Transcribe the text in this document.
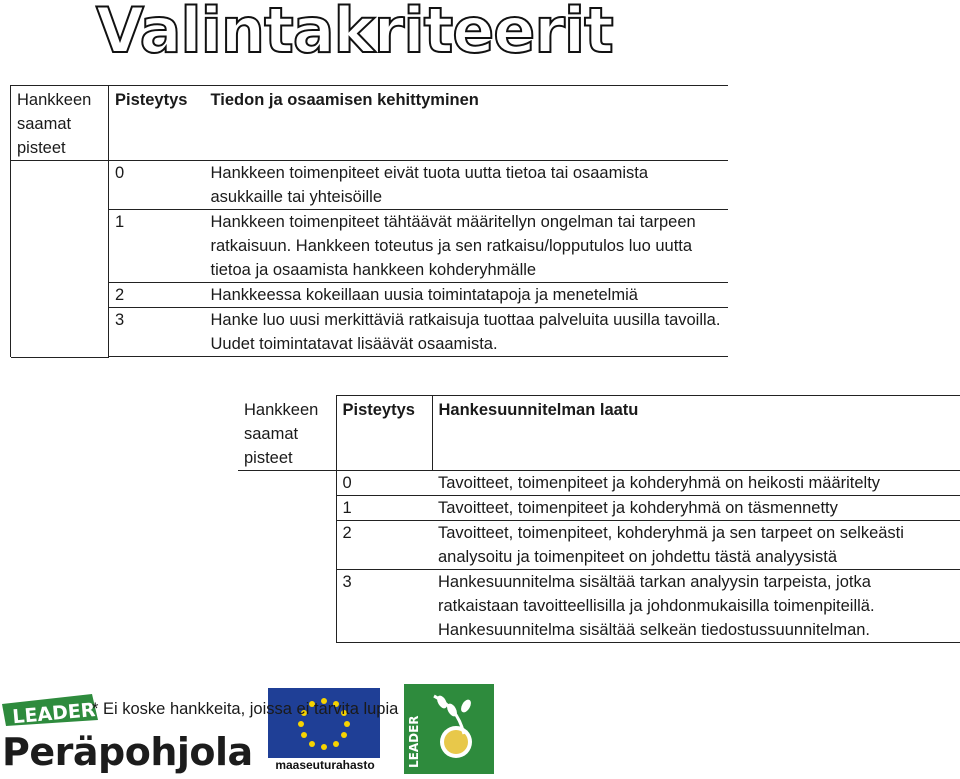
Valintakriteerit
Hankkeen saamat pisteet	Pisteytys	Tiedon ja osaamisen kehittyminen
	0	Hankkeen toimenpiteet eivät tuota uutta tietoa tai osaamista asukkaille tai yhteisöille
	1	Hankkeen toimenpiteet tähtäävät määritellyn ongelman tai tarpeen ratkaisuun. Hankkeen toteutus ja sen ratkaisu/lopputulos luo uutta tietoa ja osaamista hankkeen kohderyhmälle
	2	Hankkeessa kokeillaan uusia toimintatapoja ja menetelmiä
	3	Hanke luo uusi merkittäviä ratkaisuja tuottaa palveluita uusilla tavoilla. Uudet toimintatavat lisäävät osaamista.

Hankkeen saamat pisteet	Pisteytys	Hankesuunnitelman laatu
	0	Tavoitteet, toimenpiteet ja kohderyhmä on heikosti määritelty
	1	Tavoitteet, toimenpiteet ja kohderyhmä on täsmennetty
	2	Tavoitteet, toimenpiteet, kohderyhmä ja sen tarpeet on selkeästi analysoitu ja toimenpiteet on johdettu tästä analyysistä
	3	Hankesuunnitelma sisältää tarkan analyysin tarpeista, jotka ratkaistaan tavoitteellisilla ja johdonmukaisilla toimenpiteillä. Hankesuunnitelma sisältää selkeän tiedostussuunnitelman.
LEADER
Peräpohjola	maaseuturahasto	LEADER
* Ei koske hankkeita, joissa ei tarvita lupia
